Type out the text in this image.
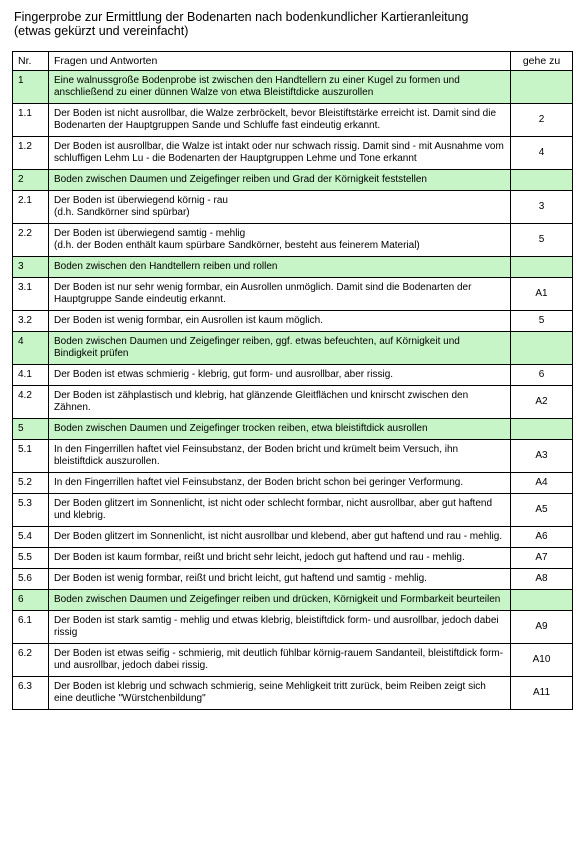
Fingerprobe zur Ermittlung der Bodenarten nach bodenkundlicher Kartieranleitung
(etwas gekürzt und vereinfacht)
Nr.	Fragen und Antworten	gehe zu
1	Eine walnussgroße Bodenprobe ist zwischen den Handtellern zu einer Kugel zu formen und anschließend zu einer dünnen Walze von etwa Bleistiftdicke auszurollen	
1.1	Der Boden ist nicht ausrollbar, die Walze zerbröckelt, bevor Bleistiftstärke erreicht ist. Damit sind die Bodenarten der Hauptgruppen Sande und Schluffe fast eindeutig erkannt.	2
1.2	Der Boden ist ausrollbar, die Walze ist intakt oder nur schwach rissig. Damit sind - mit Ausnahme vom schluffigen Lehm Lu - die Bodenarten der Hauptgruppen Lehme und Tone erkannt	4
2	Boden zwischen Daumen und Zeigefinger reiben und Grad der Körnigkeit feststellen	
2.1	Der Boden ist überwiegend körnig - rau
(d.h. Sandkörner sind spürbar)	3
2.2	Der Boden ist überwiegend samtig - mehlig
(d.h. der Boden enthält kaum spürbare Sandkörner, besteht aus feinerem Material)	5
3	Boden zwischen den Handtellern reiben und rollen	
3.1	Der Boden ist nur sehr wenig formbar, ein Ausrollen unmöglich. Damit sind die Bodenarten der Hauptgruppe Sande eindeutig erkannt.	A1
3.2	Der Boden ist wenig formbar, ein Ausrollen ist kaum möglich.	5
4	Boden zwischen Daumen und Zeigefinger reiben, ggf. etwas befeuchten, auf Körnigkeit und Bindigkeit prüfen	
4.1	Der Boden ist etwas schmierig - klebrig, gut form- und ausrollbar, aber rissig.	6
4.2	Der Boden ist zähplastisch und klebrig, hat glänzende Gleitflächen und knirscht zwischen den Zähnen.	A2
5	Boden zwischen Daumen und Zeigefinger trocken reiben, etwa bleistiftdick ausrollen	
5.1	In den Fingerrillen haftet viel Feinsubstanz, der Boden bricht und krümelt beim Versuch, ihn bleistiftdick auszurollen.	A3
5.2	In den Fingerrillen haftet viel Feinsubstanz, der Boden bricht schon bei geringer Verformung.	A4
5.3	Der Boden glitzert im Sonnenlicht, ist nicht oder schlecht formbar, nicht ausrollbar, aber gut haftend und klebrig.	A5
5.4	Der Boden glitzert im Sonnenlicht, ist nicht ausrollbar und klebend, aber gut haftend und rau - mehlig.	A6
5.5	Der Boden ist kaum formbar, reißt und bricht sehr leicht, jedoch gut haftend und rau - mehlig.	A7
5.6	Der Boden ist wenig formbar, reißt und bricht leicht, gut haftend und samtig - mehlig.	A8
6	Boden zwischen Daumen und Zeigefinger reiben und drücken, Körnigkeit und Formbarkeit beurteilen	
6.1	Der Boden ist stark samtig - mehlig und etwas klebrig, bleistiftdick form- und ausrollbar, jedoch dabei rissig	A9
6.2	Der Boden ist etwas seifig - schmierig, mit deutlich fühlbar körnig-rauem Sandanteil, bleistiftdick form- und ausrollbar, jedoch dabei rissig.	A10
6.3	Der Boden ist klebrig und schwach schmierig, seine Mehligkeit tritt zurück, beim Reiben zeigt sich eine deutliche "Würstchenbildung"	A11
